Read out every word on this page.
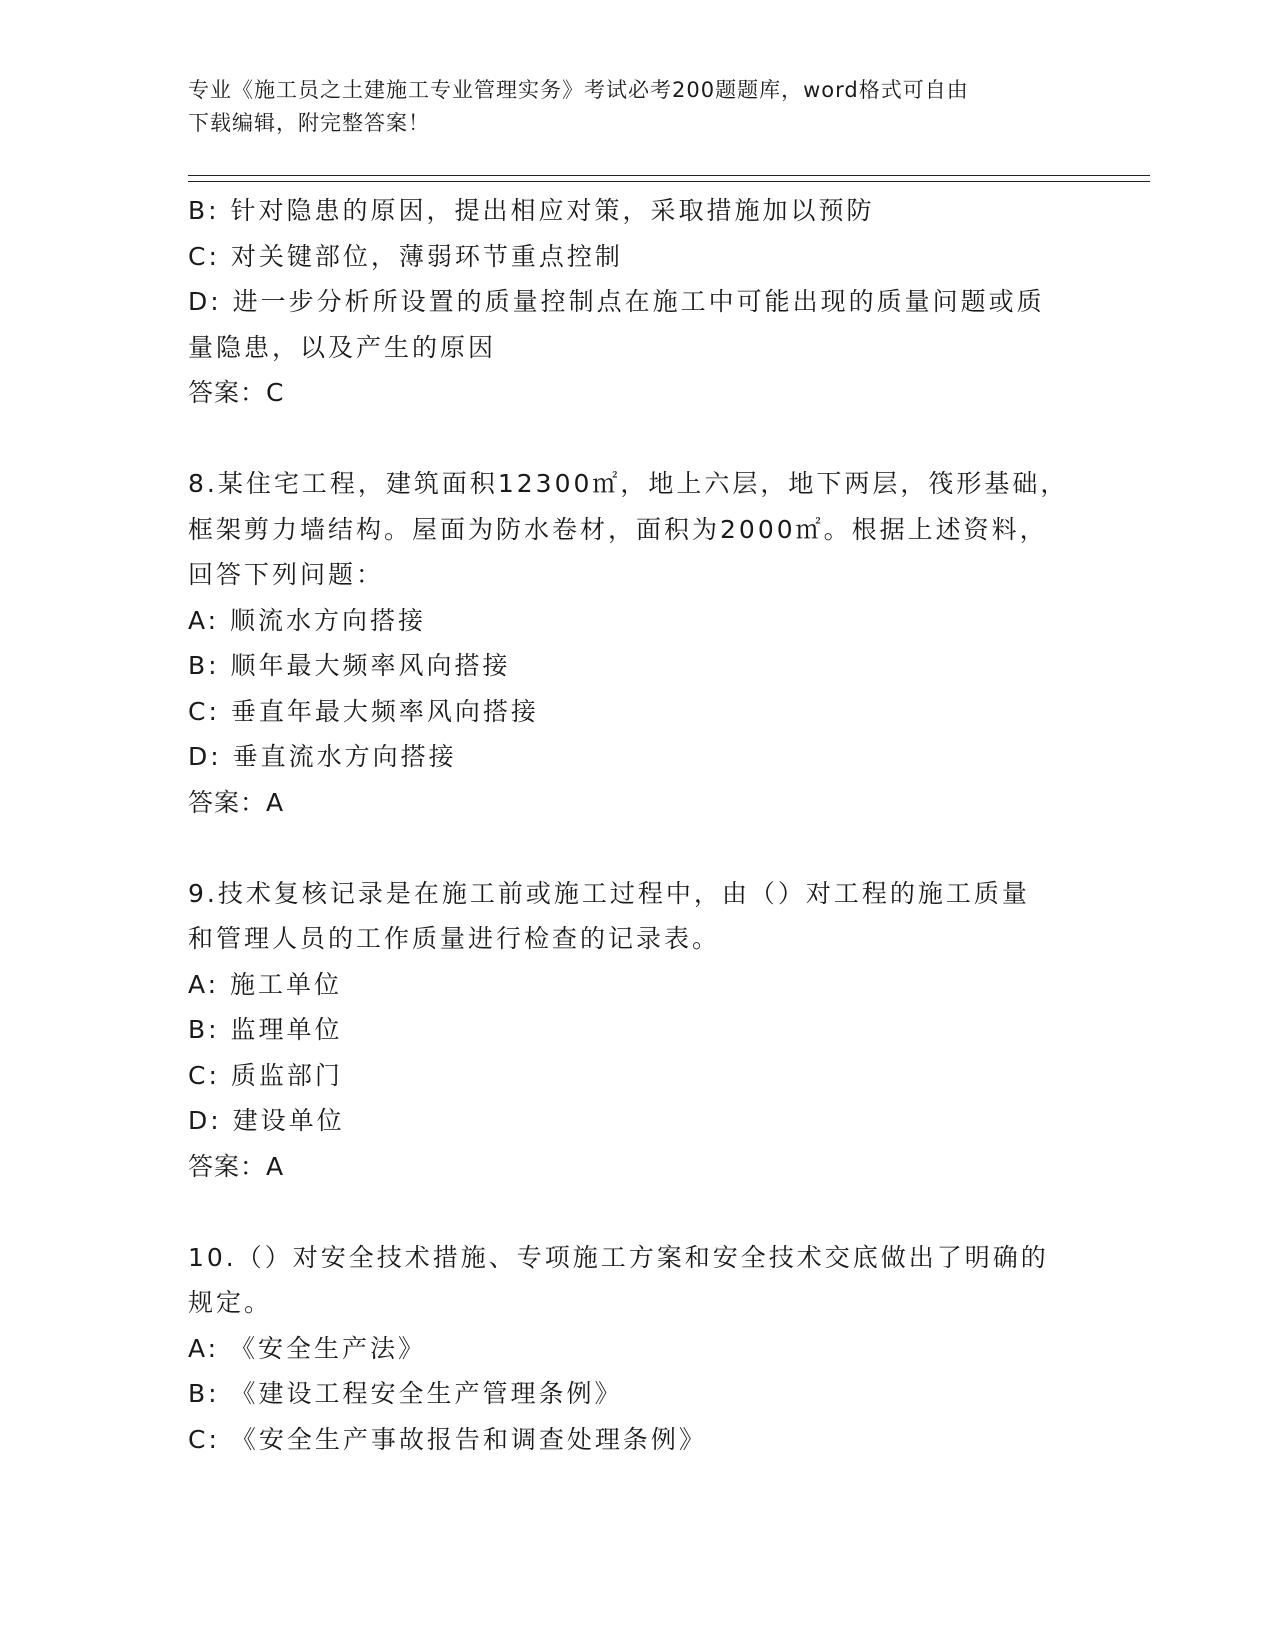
专业《施工员之土建施工专业管理实务》考试必考200题题库，word格式可自由
下载编辑，附完整答案！
B: 针对隐患的原因，提出相应对策，采取措施加以预防
C: 对关键部位，薄弱环节重点控制
D: 进一步分析所设置的质量控制点在施工中可能出现的质量问题或质
量隐患，以及产生的原因
答案：C
8.某住宅工程，建筑面积12300㎡，地上六层，地下两层，筏形基础，
框架剪力墙结构。屋面为防水卷材，面积为2000㎡。根据上述资料，
回答下列问题：
A: 顺流水方向搭接
B: 顺年最大频率风向搭接
C: 垂直年最大频率风向搭接
D: 垂直流水方向搭接
答案：A
9.技术复核记录是在施工前或施工过程中，由（）对工程的施工质量
和管理人员的工作质量进行检查的记录表。
A: 施工单位
B: 监理单位
C: 质监部门
D: 建设单位
答案：A
10.（）对安全技术措施、专项施工方案和安全技术交底做出了明确的
规定。
A: 《安全生产法》
B: 《建设工程安全生产管理条例》
C: 《安全生产事故报告和调查处理条例》
